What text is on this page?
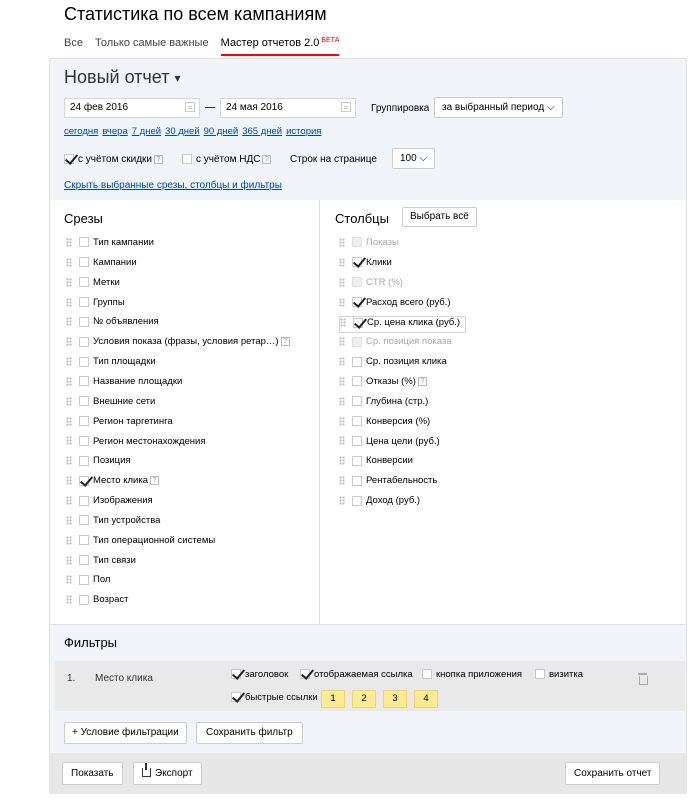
Статистика по всем кампаниям
Все Только самые важные Мастер отчетов 2.0 $^{БЕТА}$
Новый отчет ▾
24 фев 2016	24 мая 2016	Группировка	за выбранный период ⌵
сегодня вчера 7 дней 30 дней 90 дней 365 дней история
с учётом скидки ?	с учётом НДС ? Строк на странице	100 ⌵
Скрыть выбранные срезы, столбцы и фильтры
Срезы	Столбцы	Выбрать всё
Тип кампании
Кампании
Метки
Группы
№ объявления
Условия показа (фразы, условия ретар…) ?
Тип площадки
Название площадки
Внешние сети
Регион таргетинга
Регион местонахождения
Позиция
Место клика ?
Изображения
Тип устройства
Тип операционной системы
Тип связи
Пол
Возраст
Показы
Клики
CTR (%)
Расход всего (руб.)
Ср. цена клика (руб.)
Ср. позиция показа
Ср. позиция клика
Отказы (%) ?
Глубина (стр.)
Конверсия (%)
Цена цели (руб.)
Конверсии
Рентабельность
Доход (руб.)
Фильтры
1. Место клика	заголовок	отображаемая ссылка	кнопка приложения	визитка
быстрые ссылки	1	2	3	4
+ Условие фильтрации	Сохранить фильтр
Показать	Экспорт	Сохранить отчет
